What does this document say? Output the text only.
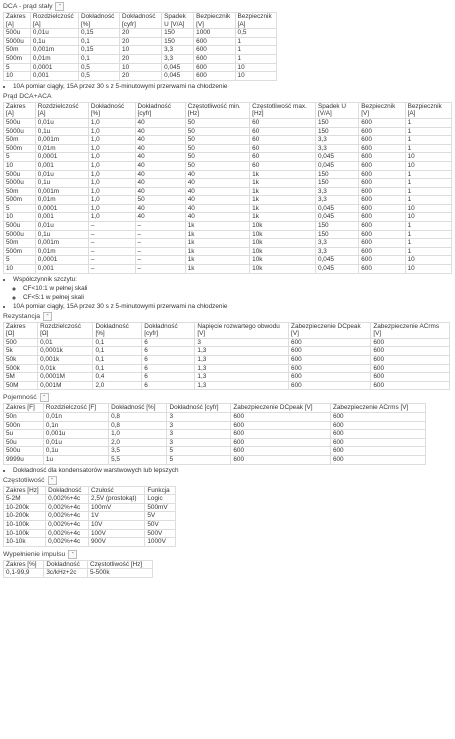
DCA - prąd stały -
Zakres [A]	Rozdzielczość [A]	Dokładność [%]	Dokładność [cyfr]	Spadek U [V/A]	Bezpiecznik [V]	Bezpiecznik [A]
500u	0,01u	0,15	20	150	1000	0,5
5000u	0,1u	0,1	20	150	600	1
50m	0,001m	0,15	10	3,3	600	1
500m	0,01m	0,1	20	3,3	600	1
5	0,0001	0,5	10	0,045	600	10
10	0,001	0,5	20	0,045	600	10
• 10A pomiar ciągły, 15A przez 30 s z 5-minutowymi przerwami na chłodzenie
Prąd DCA+ACA
Zakres [A]	Rozdzielczość [A]	Dokładność [%]	Dokładność [cyfr]	Częstotliwość min. [Hz]	Częstotliwość max. [Hz]	Spadek U [V/A]	Bezpiecznik [V]	Bezpiecznik [A]
500u	0,01u	1,0	40	50	60	150	600	1
5000u	0,1u	1,0	40	50	60	150	600	1
50m	0,001m	1,0	40	50	60	3,3	600	1
500m	0,01m	1,0	40	50	60	3,3	600	1
5	0,0001	1,0	40	50	60	0,045	600	10
10	0,001	1,0	40	50	60	0,045	600	10
500u	0,01u	1,0	40	40	1k	150	600	1
5000u	0,1u	1,0	40	40	1k	150	600	1
50m	0,001m	1,0	40	40	1k	3,3	600	1
500m	0,01m	1,0	50	40	1k	3,3	600	1
5	0,0001	1,0	40	40	1k	0,045	600	10
10	0,001	1,0	40	40	1k	0,045	600	10
500u	0,01u	–	–	1k	10k	150	600	1
5000u	0,1u	–	–	1k	10k	150	600	1
50m	0,001m	–	–	1k	10k	3,3	600	1
500m	0,01m	–	–	1k	10k	3,3	600	1
5	0,0001	–	–	1k	10k	0,045	600	10
10	0,001	–	–	1k	10k	0,045	600	10
• Współczynnik szczytu:
◦ CF<10:1 w pełnej skali
◦ CF<5:1 w pełnej skali
• 10A pomiar ciągły, 15A przez 30 s z 5-minutowymi przerwami na chłodzenie
Rezystancja -
Zakres [Ω]	Rozdzielczość [Ω]	Dokładność [%]	Dokładność [cyfr]	Napięcie rozwartego obwodu [V]	Zabezpieczenie DCpeak [V]	Zabezpieczenie ACrms [V]
500	0,01	0,1	6	3	600	600
5k	0,0001k	0,1	6	1,3	600	600
50k	0,001k	0,1	6	1,3	600	600
500k	0,01k	0,1	6	1,3	600	600
5M	0,0001M	0,4	6	1,3	600	600
50M	0,001M	2,0	6	1,3	600	600
Pojemność -
Zakres [F]	Rozdzielczość [F]	Dokładność [%]	Dokładność [cyfr]	Zabezpieczenie DCpeak [V]	Zabezpieczenie ACrms [V]
50n	0,01n	0,8	3	600	600
500n	0,1n	0,8	3	600	600
5u	0,001u	1,0	3	600	600
50u	0,01u	2,0	3	600	600
500u	0,1u	3,5	5	600	600
9999u	1u	5,5	5	600	600
• Dokładność dla kondensatorów warstwowych lub lepszych
Częstotliwość -
Zakres [Hz]	Dokładność	Czułość	Funkcja
5-2M	0,002%+4c	2,5V (prostokąt)	Logic
10-200k	0,002%+4c	100mV	500mV
10-200k	0,002%+4c	1V	5V
10-100k	0,002%+4c	10V	50V
10-100k	0,002%+4c	100V	500V
10-10k	0,002%+4c	900V	1000V
Wypełnienie impulsu -
Zakres [%]	Dokładność	Częstotliwość [Hz]
0,1-99,9	3c/kHz+2c	5-500k
